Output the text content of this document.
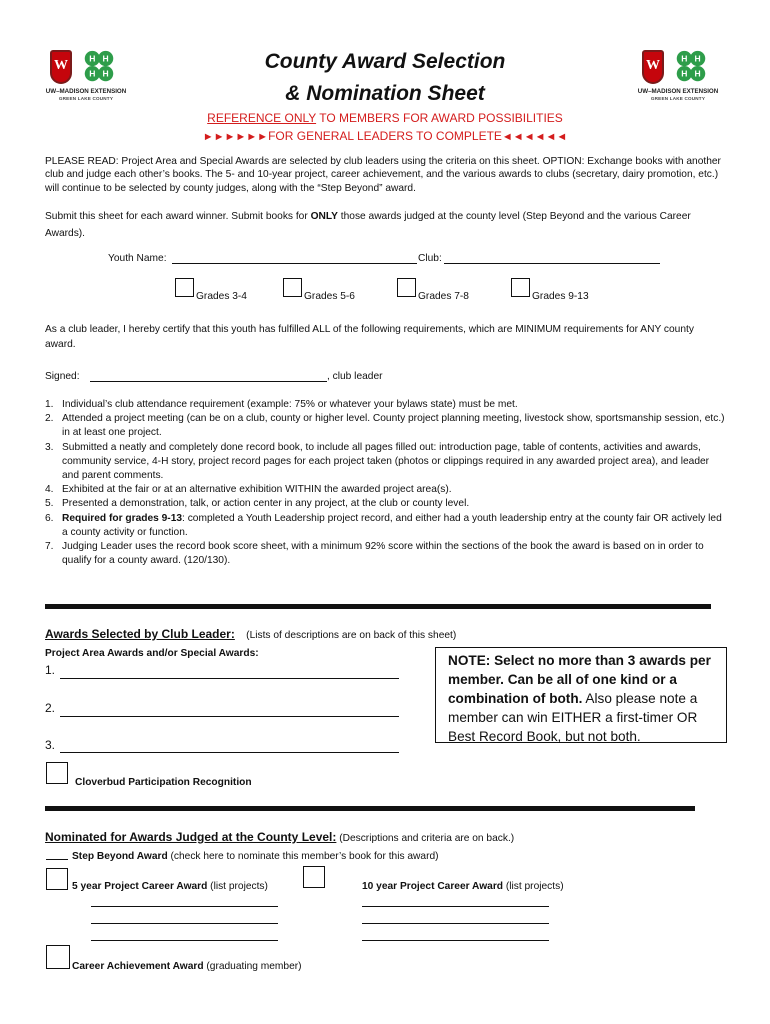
W H H
H H
UW–MADISON EXTENSION
GREEN LAKE COUNTY
W H H
H H
UW–MADISON EXTENSION
GREEN LAKE COUNTY
County Award Selection
& Nomination Sheet
REFERENCE ONLY TO MEMBERS FOR AWARD POSSIBILITIES
►►►►►►FOR GENERAL LEADERS TO COMPLETE◄◄◄◄◄◄
PLEASE READ: Project Area and Special Awards are selected by club leaders using the criteria on this sheet. OPTION: Exchange books with another club and judge each other’s books. The 5- and 10-year project, career achievement, and the various awards to clubs (secretary, dairy promotion, etc.) will continue to be selected by county judges, along with the “Step Beyond” award.
Submit this sheet for each award winner. Submit books for ONLY those awards judged at the county level (Step Beyond and the various Career Awards).
Youth Name:	Club:
Grades 3-4	Grades 5-6	Grades 7-8	Grades 9-13
As a club leader, I hereby certify that this youth has fulfilled ALL of the following requirements, which are MINIMUM requirements for ANY county award.
Signed:	, club leader
1. Individual’s club attendance requirement (example: 75% or whatever your bylaws state) must be met.
2. Attended a project meeting (can be on a club, county or higher level. County project planning meeting, livestock show, sportsmanship session, etc.) in at least one project.
3. Submitted a neatly and completely done record book, to include all pages filled out: introduction page, table of contents, activities and awards, community service, 4-H story, project record pages for each project taken (photos or clippings required in any awarded project area), and leader and parent comments.
4. Exhibited at the fair or at an alternative exhibition WITHIN the awarded project area(s).
5. Presented a demonstration, talk, or action center in any project, at the club or county level.
6. Required for grades 9-13: completed a Youth Leadership project record, and either had a youth leadership entry at the county fair OR actively led a county activity or function.
7. Judging Leader uses the record book score sheet, with a minimum 92% score within the sections of the book the award is based on in order to qualify for a county award. (120/130).
Awards Selected by Club Leader: (Lists of descriptions are on back of this sheet)
Project Area Awards and/or Special Awards:
1.
2.
3.
NOTE: Select no more than 3 awards per member. Can be all of one kind or a combination of both. Also please note a member can win EITHER a first-timer OR Best Record Book, but not both.
Cloverbud Participation Recognition
Nominated for Awards Judged at the County Level: (Descriptions and criteria are on back.)
Step Beyond Award (check here to nominate this member’s book for this award)
5 year Project Career Award (list projects)	10 year Project Career Award (list projects)
Career Achievement Award (graduating member)
